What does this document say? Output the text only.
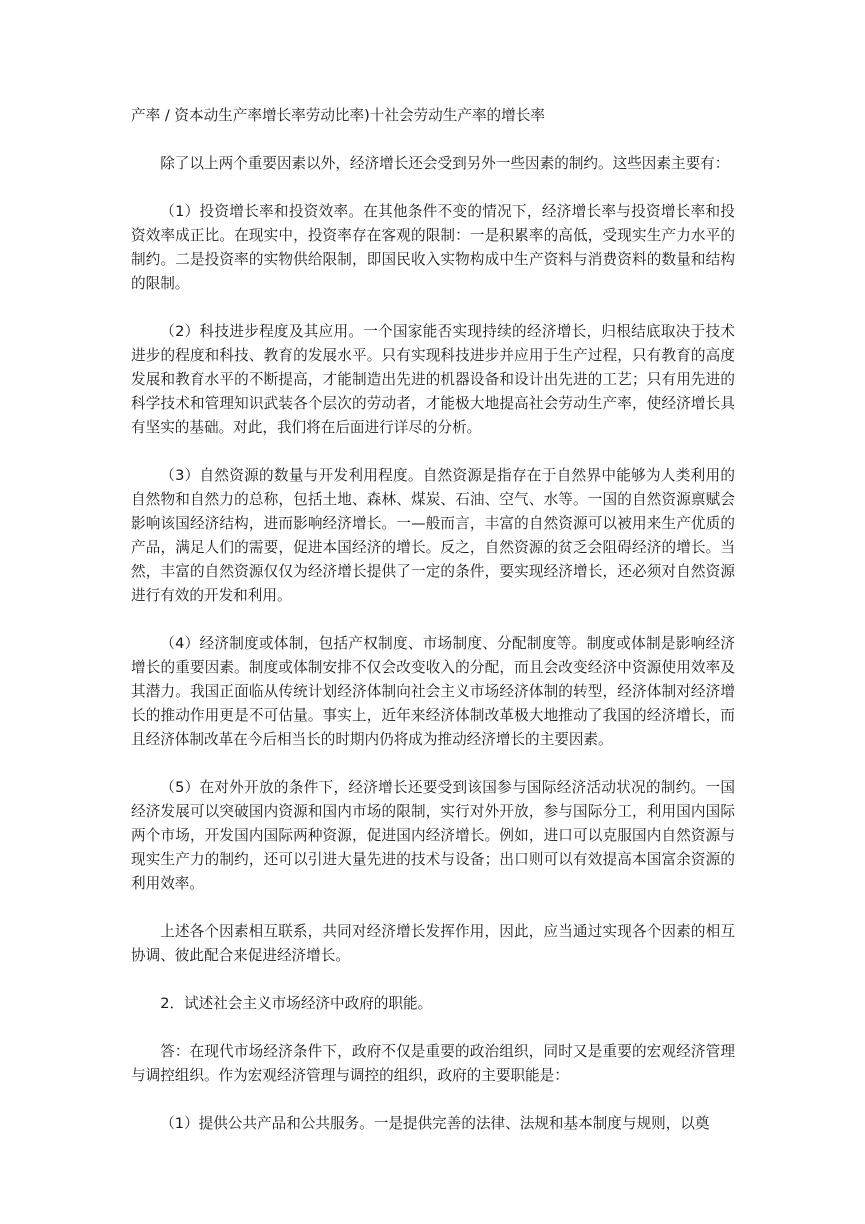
产率 / 资本动生产率增长率劳动比率)十社会劳动生产率的增长率

除了以上两个重要因素以外，经济增长还会受到另外一些因素的制约。这些因素主要有：

（1）投资增长率和投资效率。在其他条件不变的情况下，经济增长率与投资增长率和投资效率成正比。在现实中，投资率存在客观的限制：一是积累率的高低，受现实生产力水平的制约。二是投资率的实物供给限制，即国民收入实物构成中生产资料与消费资料的数量和结构的限制。

（2）科技进步程度及其应用。一个国家能否实现持续的经济增长，归根结底取决于技术进步的程度和科技、教育的发展水平。只有实现科技进步并应用于生产过程，只有教育的高度发展和教育水平的不断提高，才能制造出先进的机器设备和设计出先进的工艺；只有用先进的科学技术和管理知识武装各个层次的劳动者，才能极大地提高社会劳动生产率，使经济增长具有坚实的基础。对此，我们将在后面进行详尽的分析。

（3）自然资源的数量与开发利用程度。自然资源是指存在于自然界中能够为人类利用的自然物和自然力的总称，包括土地、森林、煤炭、石油、空气、水等。一国的自然资源禀赋会影响该国经济结构，进而影响经济增长。一—般而言，丰富的自然资源可以被用来生产优质的产品，满足人们的需要，促进本国经济的增长。反之，自然资源的贫乏会阻碍经济的增长。当然，丰富的自然资源仅仅为经济增长提供了一定的条件，要实现经济增长，还必须对自然资源进行有效的开发和利用。

（4）经济制度或体制，包括产权制度、市场制度、分配制度等。制度或体制是影响经济增长的重要因素。制度或体制安排不仅会改变收入的分配，而且会改变经济中资源使用效率及其潜力。我国正面临从传统计划经济体制向社会主义市场经济体制的转型，经济体制对经济增长的推动作用更是不可估量。事实上，近年来经济体制改革极大地推动了我国的经济增长，而且经济体制改革在今后相当长的时期内仍将成为推动经济增长的主要因素。

（5）在对外开放的条件下，经济增长还要受到该国参与国际经济活动状况的制约。一国经济发展可以突破国内资源和国内市场的限制，实行对外开放，参与国际分工，利用国内国际两个市场，开发国内国际两种资源，促进国内经济增长。例如，进口可以克服国内自然资源与现实生产力的制约，还可以引进大量先进的技术与设备；出口则可以有效提高本国富余资源的利用效率。

上述各个因素相互联系，共同对经济增长发挥作用，因此，应当通过实现各个因素的相互协调、彼此配合来促进经济增长。

2．试述社会主义市场经济中政府的职能。

答：在现代市场经济条件下，政府不仅是重要的政治组织，同时又是重要的宏观经济管理与调控组织。作为宏观经济管理与调控的组织，政府的主要职能是：

（1）提供公共产品和公共服务。一是提供完善的法律、法规和基本制度与规则，以奠
